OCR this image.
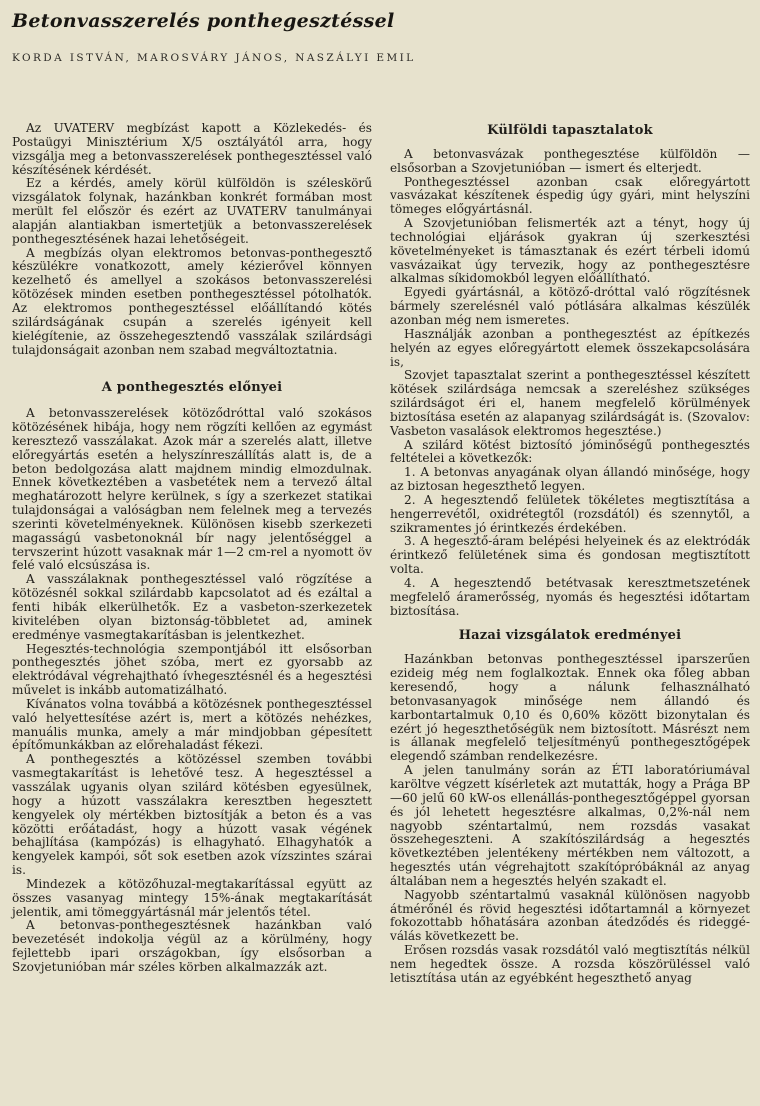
Betonvasszerelés ponthegesztéssel
KORDA ISTVÁN, MAROSVÁRY JÁNOS, NASZÁLYI EMIL

Az UVATERV megbízást kapott a Közlekedés- és Postaügyi Minisztérium X/5 osztályától arra, hogy vizsgálja meg a betonvasszerelések ponthegesztéssel való készítésének kérdését.

Ez a kérdés, amely körül külföldön is széleskörű vizsgálatok folynak, hazánkban konkrét formában most merült fel először és ezért az UVATERV tanulmányai alapján alantiakban ismertetjük a betonvasszerelések ponthegesztésének hazai lehetőségeit.

A megbízás olyan elektromos betonvas-ponthegesztő készülékre vonatkozott, amely kézierővel könnyen kezelhető és amellyel a szokásos betonvasszerelési kötözések minden esetben ponthegesztéssel pótolhatók. Az elektromos ponthegesztéssel előállítandó kötés szilárdságának csupán a szerelés igényeit kell kielégítenie, az összehegesztendő vasszálak szilárdsági tulajdonságait azonban nem szabad megváltoztatnia.

A ponthegesztés előnyei

A betonvasszerelések kötöződróttal való szokásos kötözésének hibája, hogy nem rögzíti kellően az egymást keresztező vasszálakat. Azok már a szerelés alatt, illetve előregyártás esetén a helyszínreszállítás alatt is, de a beton bedolgozása alatt majdnem mindig elmozdulnak. Ennek következtében a vasbetétek nem a tervező által meghatározott helyre kerülnek, s így a szerkezet statikai tulajdonságai a valóságban nem felelnek meg a tervezés szerinti követelményeknek. Különösen kisebb szerkezeti magasságú vasbetonoknál bír nagy jelentőséggel a tervszerint húzott vasaknak már 1—2 cm-rel a nyomott öv felé való elcsúszása is.

A vasszálaknak ponthegesztéssel való rögzítése a kötözésnél sokkal szilárdabb kapcsolatot ad és ezáltal a fenti hibák elkerülhetők. Ez a vasbeton-szerkezetek kivitelében olyan biztonság-többletet ad, aminek eredménye vasmegtakarításban is jelentkezhet.

Hegesztés-technológia szempontjából itt elsősorban ponthegesztés jöhet szóba, mert ez gyorsabb az elektródával végrehajtható ívhegesztésnél és a hegesztési művelet is inkább automatizálható.

Kívánatos volna továbbá a kötözésnek ponthegesztéssel való helyettesítése azért is, mert a kötözés nehézkes, manuális munka, amely a már mindjobban gépesített építőmunkákban az előrehaladást fékezi.

A ponthegesztés a kötözéssel szemben további vasmegtakarítást is lehetővé tesz. A hegesztéssel a vasszálak ugyanis olyan szilárd kötésben egyesülnek, hogy a húzott vasszálakra keresztben hegesztett kengyelek oly mértékben biztosítják a beton és a vas közötti erőátadást, hogy a húzott vasak végének behajlítása (kampózás) is elhagyható. Elhagyhatók a kengyelek kampói, sőt sok esetben azok vízszintes szárai is.

Mindezek a kötözőhuzal-megtakarítással együtt az összes vasanyag mintegy 15%-ának megtakarítását jelentik, ami tömeggyártásnál már jelentős tétel.

A betonvas-ponthegesztésnek hazánkban való bevezetését indokolja végül az a körülmény, hogy fejlettebb ipari országokban, így elsősorban a Szovjetunióban már széles körben alkalmazzák azt.

Külföldi tapasztalatok

A betonvasvázak ponthegesztése külföldön — elsősorban a Szovjetunióban — ismert és elterjedt.

Ponthegesztéssel azonban csak előregyártott vasvázakat készítenek éspedig úgy gyári, mint helyszíni tömeges előgyártásnál.

A Szovjetunióban felismerték azt a tényt, hogy új technológiai eljárások gyakran új szerkesztési követelményeket is támasztanak és ezért térbeli idomú vasvázaikat úgy tervezik, hogy az ponthegesztésre alkalmas síkidomokból legyen előállítható.

Egyedi gyártásnál, a kötöző-dróttal való rögzítésnek bármely szerelésnél való pótlására alkalmas készülék azonban még nem ismeretes.

Használják azonban a ponthegesztést az építkezés helyén az egyes előregyártott elemek összekapcsolására is,

Szovjet tapasztalat szerint a ponthegesztéssel készített kötések szilárdsága nemcsak a szereléshez szükséges szilárdságot éri el, hanem megfelelő körülmények biztosítása esetén az alapanyag szilárdságát is. (Szovalov: Vasbeton vasalások elektromos hegesztése.)

A szilárd kötést biztosító jóminőségű ponthegesztés feltételei a következők:

1. A betonvas anyagának olyan állandó minősége, hogy az biztosan hegeszthető legyen.

2. A hegesztendő felületek tökéletes megtisztítása a hengerrevétől, oxidrétegtől (rozsdától) és szennytől, a szikramentes jó érintkezés érdekében.

3. A hegesztő-áram belépési helyeinek és az elektródák érintkező felületének sima és gondosan megtisztított volta.

4. A hegesztendő betétvasak keresztmetszetének megfelelő áramerősség, nyomás és hegesztési időtartam biztosítása.

Hazai vizsgálatok eredményei

Hazánkban betonvas ponthegesztéssel iparszerűen ezideig még nem foglalkoztak. Ennek oka főleg abban keresendő, hogy a nálunk felhasználható betonvasanyagok minősége nem állandó és karbontartalmuk 0,10 és 0,60% között bizonytalan és ezért jó hegeszthetőségük nem biztosított. Másrészt nem is állanak megfelelő teljesítményű ponthegesztőgépek elegendő számban rendelkezésre.

A jelen tanulmány során az ÉTI laboratóriumával karöltve végzett kísérletek azt mutatták, hogy a Prága BP—60 jelű 60 kW-os ellenállás-ponthegesztőgéppel gyorsan és jól lehetett hegesztésre alkalmas, 0,2%-nál nem nagyobb széntartalmú, nem rozsdás vasakat összehegeszteni. A szakítószilárdság a hegesztés következtében jelentékeny mértékben nem változott, a hegesztés után végrehajtott szakítópróbáknál az anyag általában nem a hegesztés helyén szakadt el.

Nagyobb széntartalmú vasaknál különösen nagyobb átmérőnél és rövid hegesztési időtartamnál a környezet fokozottabb hőhatására azonban átedződés és rideggé-válás következett be.

Erősen rozsdás vasak rozsdától való megtisztítás nélkül nem hegedtek össze. A rozsda köszörüléssel való letisztítása után az egyébként hegeszthető anyag
